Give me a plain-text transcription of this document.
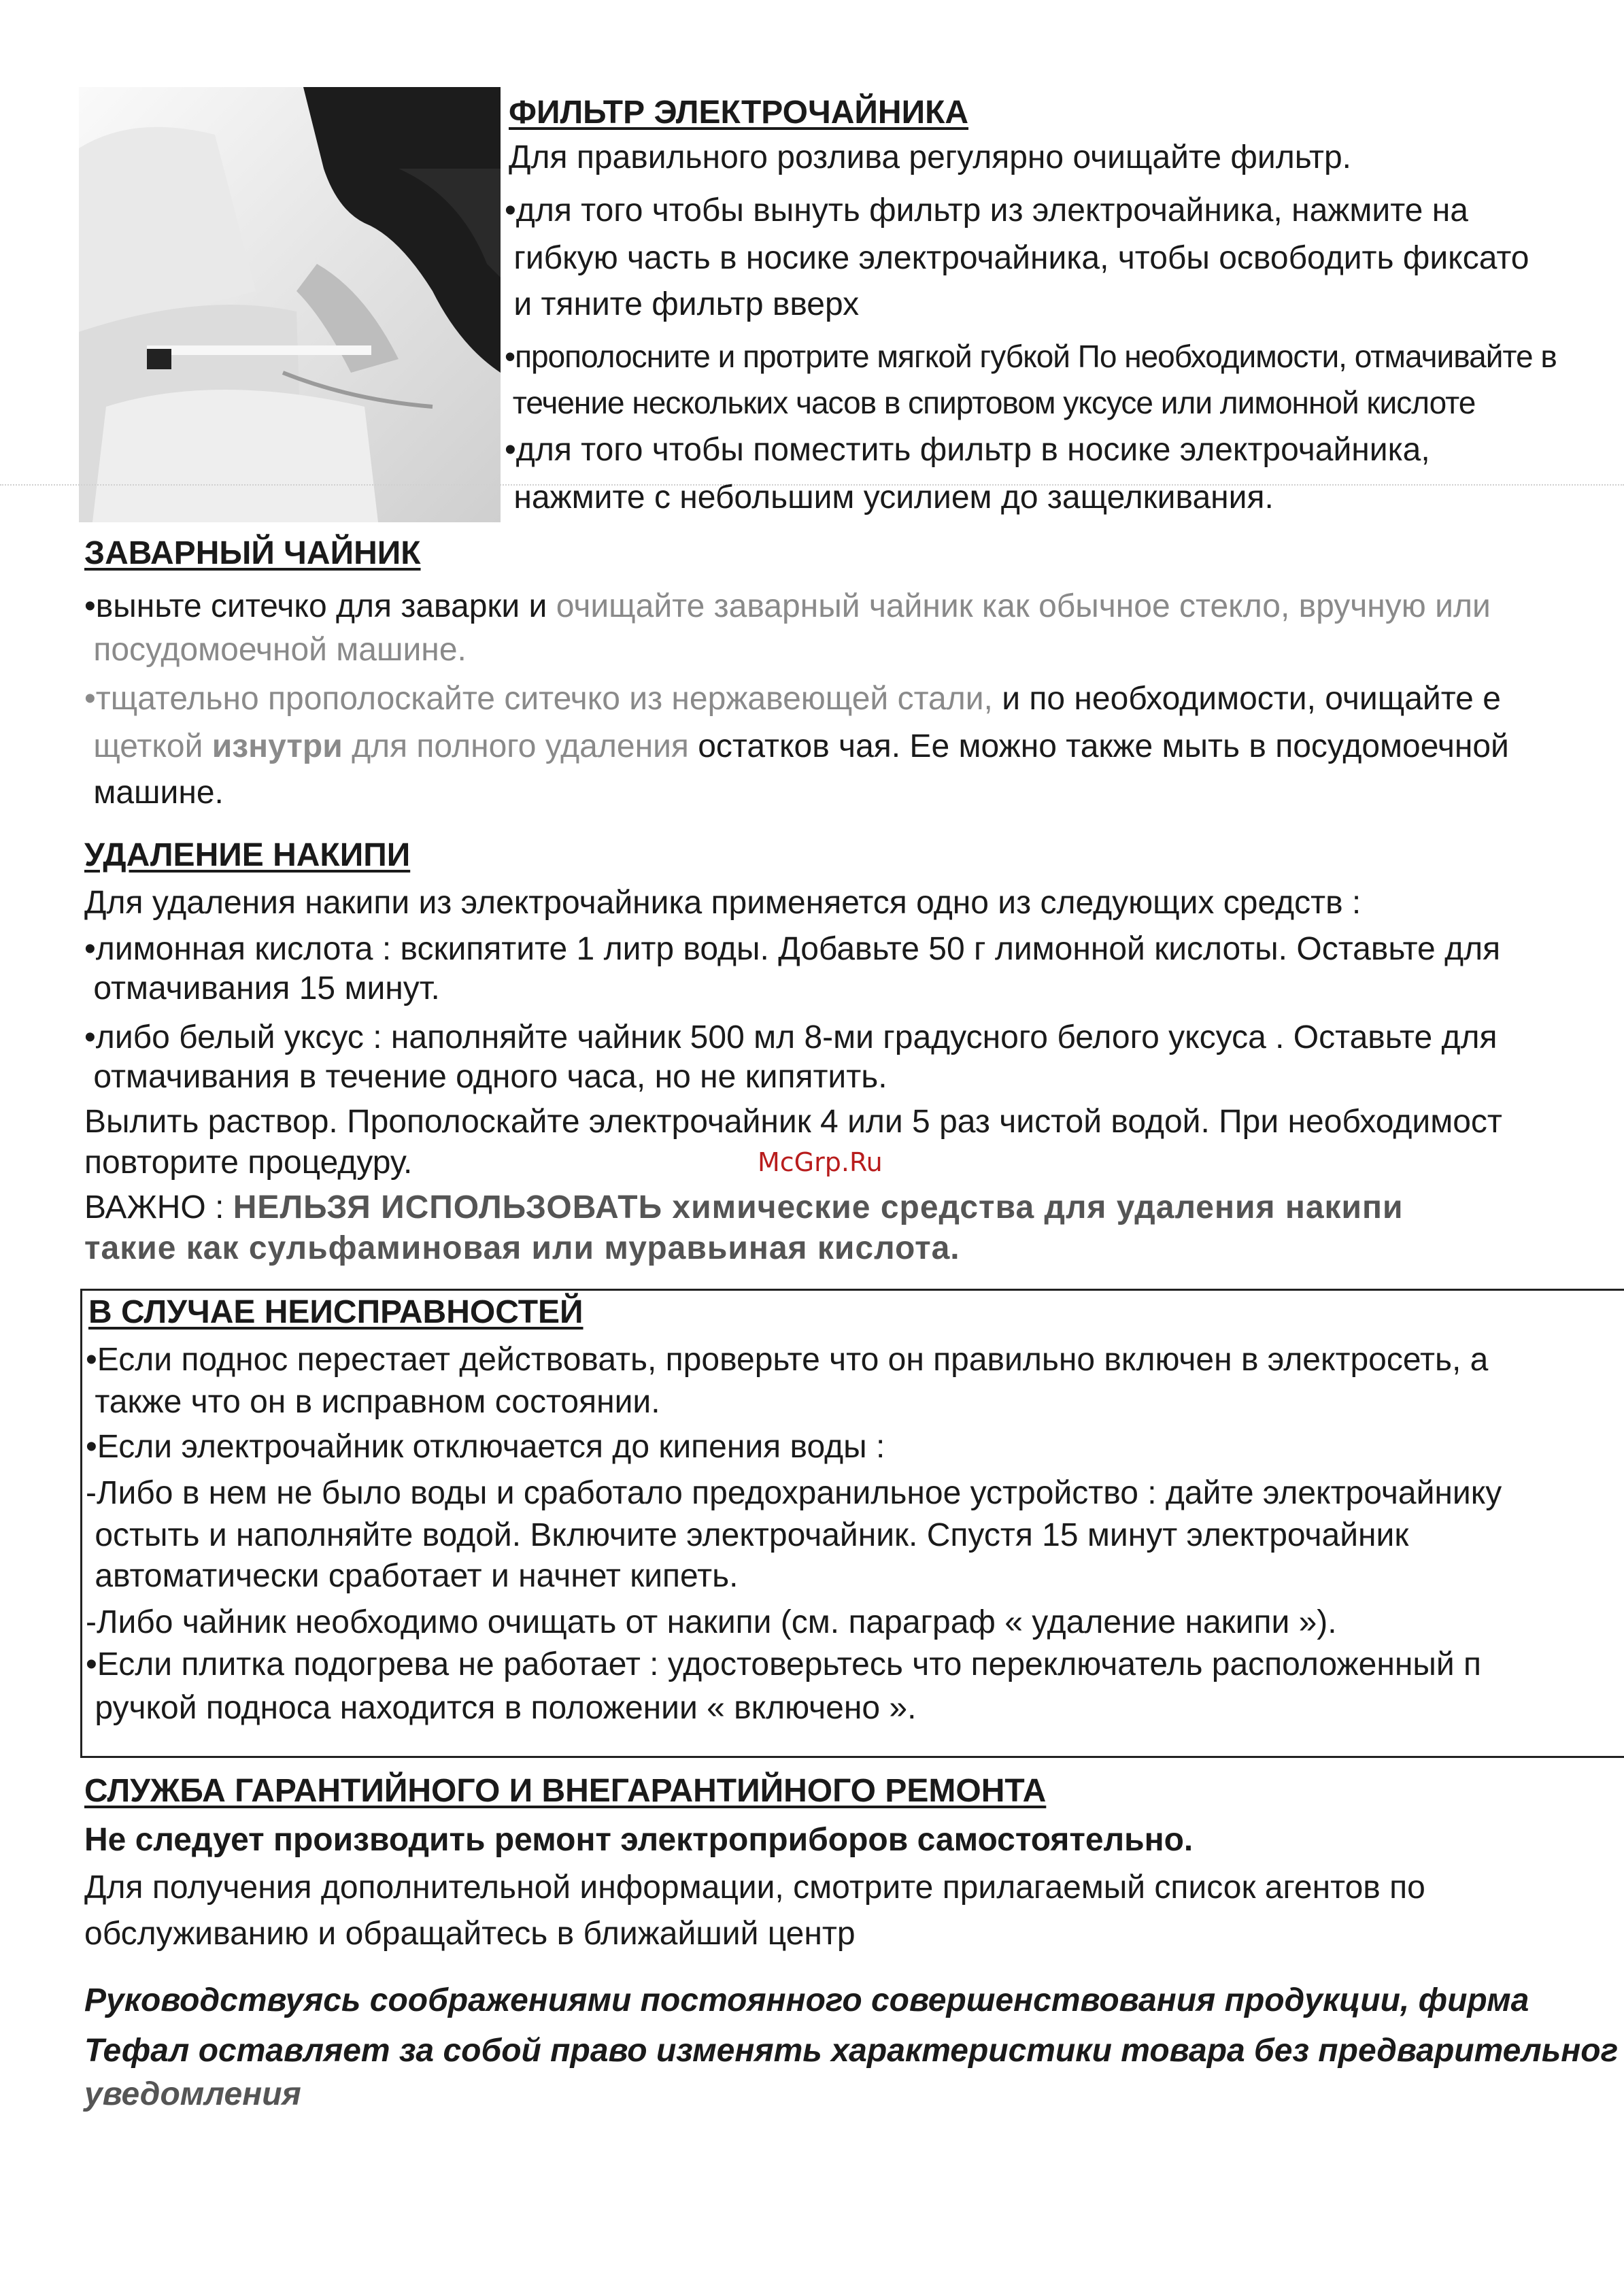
ФИЛЬТР ЭЛЕКТРОЧАЙНИКА
Для правильного розлива регулярно очищайте фильтр.
•для того чтобы вынуть фильтр из электрочайника, нажмите на
гибкую часть в носике электрочайника, чтобы освободить фиксато
и тяните фильтр вверх
•прополосните и протрите мягкой губкой По необходимости, отмачивайте в
течение нескольких часов в спиртовом уксусе или лимонной кислоте
•для того чтобы поместить фильтр в носике электрочайника,
нажмите с небольшим усилием до защелкивания.
ЗАВАРНЫЙ ЧАЙНИК
•выньте ситечко для заварки и очищайте заварный чайник как обычное стекло, вручную или
посудомоечной машине.
•тщательно прополоскайте ситечко из нержавеющей стали, и по необходимости, очищайте е
щеткой изнутри для полного удаления остатков чая. Ее можно также мыть в посудомоечной
машине.
УДАЛЕНИЕ НАКИПИ
Для удаления накипи из электрочайника применяется одно из следующих средств :
•лимонная кислота : вскипятите 1 литр воды. Добавьте 50 г лимонной кислоты. Оставьте для
отмачивания 15 минут.
•либо белый уксус : наполняйте чайник 500 мл 8-ми градусного белого уксуса . Оставьте для
отмачивания в течение одного часа, но не кипятить.
Вылить раствор. Прополоскайте электрочайник 4 или 5 раз чистой водой. При необходимост
повторите процедуру.	McGrp.Ru
ВАЖНО : НЕЛЬЗЯ ИСПОЛЬЗОВАТЬ химические средства для удаления накипи
такие как сульфаминовая или муравьиная кислота.
В СЛУЧАЕ НЕИСПРАВНОСТЕЙ
•Если поднос перестает действовать, проверьте что он правильно включен в электросеть, а
также что он в исправном состоянии.
•Если электрочайник отключается до кипения воды :
-Либо в нем не было воды и сработало предохранильное устройство : дайте электрочайнику
остыть и наполняйте водой. Включите электрочайник. Спустя 15 минут электрочайник
автоматически сработает и начнет кипеть.
-Либо чайник необходимо очищать от накипи (см. параграф « удаление накипи »).
•Если плитка подогрева не работает : удостоверьтесь что переключатель расположенный п
ручкой подноса находится в положении « включено ».
СЛУЖБА ГАРАНТИЙНОГО И ВНЕГАРАНТИЙНОГО РЕМОНТА
Не следует производить ремонт электроприборов самостоятельно.
Для получения дополнительной информации, смотрите прилагаемый список агентов по
обслуживанию и обращайтесь в ближайший центр
Руководствуясь соображениями постоянного совершенствования продукции, фирма
Тефал оставляет за собой право изменять характеристики товара без предварительног
уведомления
